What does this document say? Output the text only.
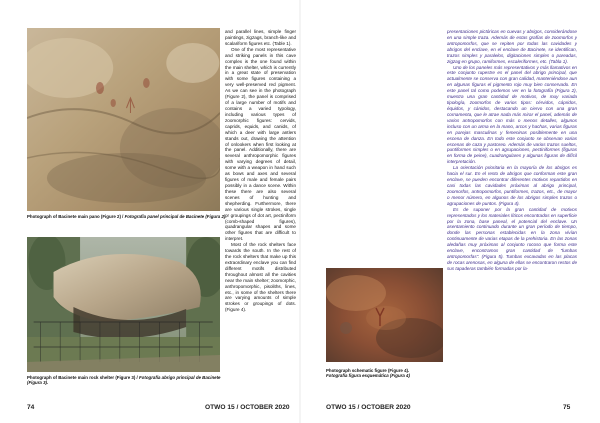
Photograph of Bacinete main pano (Figure 2) / Fotografía panel principal de Bacinete (Figura 2).
Photograph of Bacinete main rock shelter (Figure 3) / Fotografía abrigo principal de Bacinete (Figura 3).

and parallel lines, simple finger paintings, zigzags, branch-like and scalariform figures etc. (Table 1).

One of the most representative and striking panels in this cave complex is the one found within the main shelter, which is currently in a great state of preservation with some figures containing a very well-preserved red pigment. As we can see in the photograph (Figure 2), the panel is comprised of a large number of motifs and contains a varied typology, including various types of zoomorphic figures: cervids, caprids, equids, and canids, of which a deer with large antlers stands out, drawing the attention of onlookers when first looking at the panel. Additionally, there are several anthropomorphic figures with varying degrees of detail, some with a weapon in hand such as bows and axes and several figures of male and female pairs possibly in a dance scene. Within these there are also several scenes of hunting and shepherding. Furthermore, there are various single strokes, single or groupings of dot art, pectiniform (comb-shaped figures), quadrangular shapes and some other figures that are difficult to interpret.

Most of the rock shelters face towards the south. In the rest of the rock shelters that make up this extraordinary enclave you can find different motifs distributed throughout almost all the cavities near the main shelter; zoomorphic, anthropomorphic, pisoliths, lines, etc., in some of the shelters there are varying amounts of simple strokes or groupings of dots. (Figure 4).

Photograph schematic figure (Figure 4).
Fotografía figura esquemática (Figura 4)

presentaciones pictóricas en cuevas y abrigos, considerándose en una simple traza. Además de estas grafías de zoomorfos y antropomorfos, que se repiten por todas las cavidades y abrigos del enclave, en el enclave de Bacinete, se identifican, trazos simples y paralelos, digitaciones simples o pareadas, zigzag en grupo, ramiformes, escaleriformes, etc. (Tabla 1).

Uno de los paneles más representativos y más llamativos en este conjunto rupestre es el panel del abrigo principal, que actualmente se conserva con gran calidad, manteniéndose aun en algunas figuras el pigmento rojo muy bien conservado. En este panel tal como podemos ver en la fotografía (Figura 2), muestra una gran cantidad de motivos, de muy variada tipología, zoomorfos de varios tipos: cérvidos, cápridos, équidos, y cánidos, destacando un ciervo con una gran cornamenta, que le atrae nada más mirar el panel, además de varios antropomorfos con más o menos detalles, algunos incluso con un arma en la mano, arcos y hachas, varias figuras en parejas masculinas y femeninas posiblemente en una escena de danza. En todo este conjunto se observan varias escenas de caza y pastoreo. Además de varios trazos sueltos, puntiformes simples o en agrupaciones, pectiniformes (figuras en forma de peine), cuadrangulares y algunas figuras de difícil interpretación.

La orientación prioritaria en la mayoría de los abrigos es hacia el sur. En el resto de abrigos que conforman este gran enclave, se pueden encontrar diferentes motivos repartidos en casi todas las cavidades próximas al abrigo principal, zoomorfos, antropomorfos, puntiformes, trazos, etc., de mayor o menor número, en algunos de los abrigos simples trazos o agrupaciones de puntos. (Figura 4).

Es de suponer por la gran cantidad de motivos representados y los materiales líticos encontrados en superficie por la zona, base paneal, el potencial del enclave. Un asentamiento continuado durante un gran período de tiempo, donde las personas establecidas en la zona vivían continuamente de varias etapas de la prehistoria. En las zonas aledañas muy próximas al conjunto rocoso que forma este enclave, encontramos gran cantidad de "lumbas antropomorfas". (Figura 5). Tumbas excavadas en las placas de rocas arenosas, en alguna de ellas se encontraron restos de sus tapaderas también formadas por la-

74	OTWO 15 / OCTOBER 2020	OTWO 15 / OCTOBER 2020	75
